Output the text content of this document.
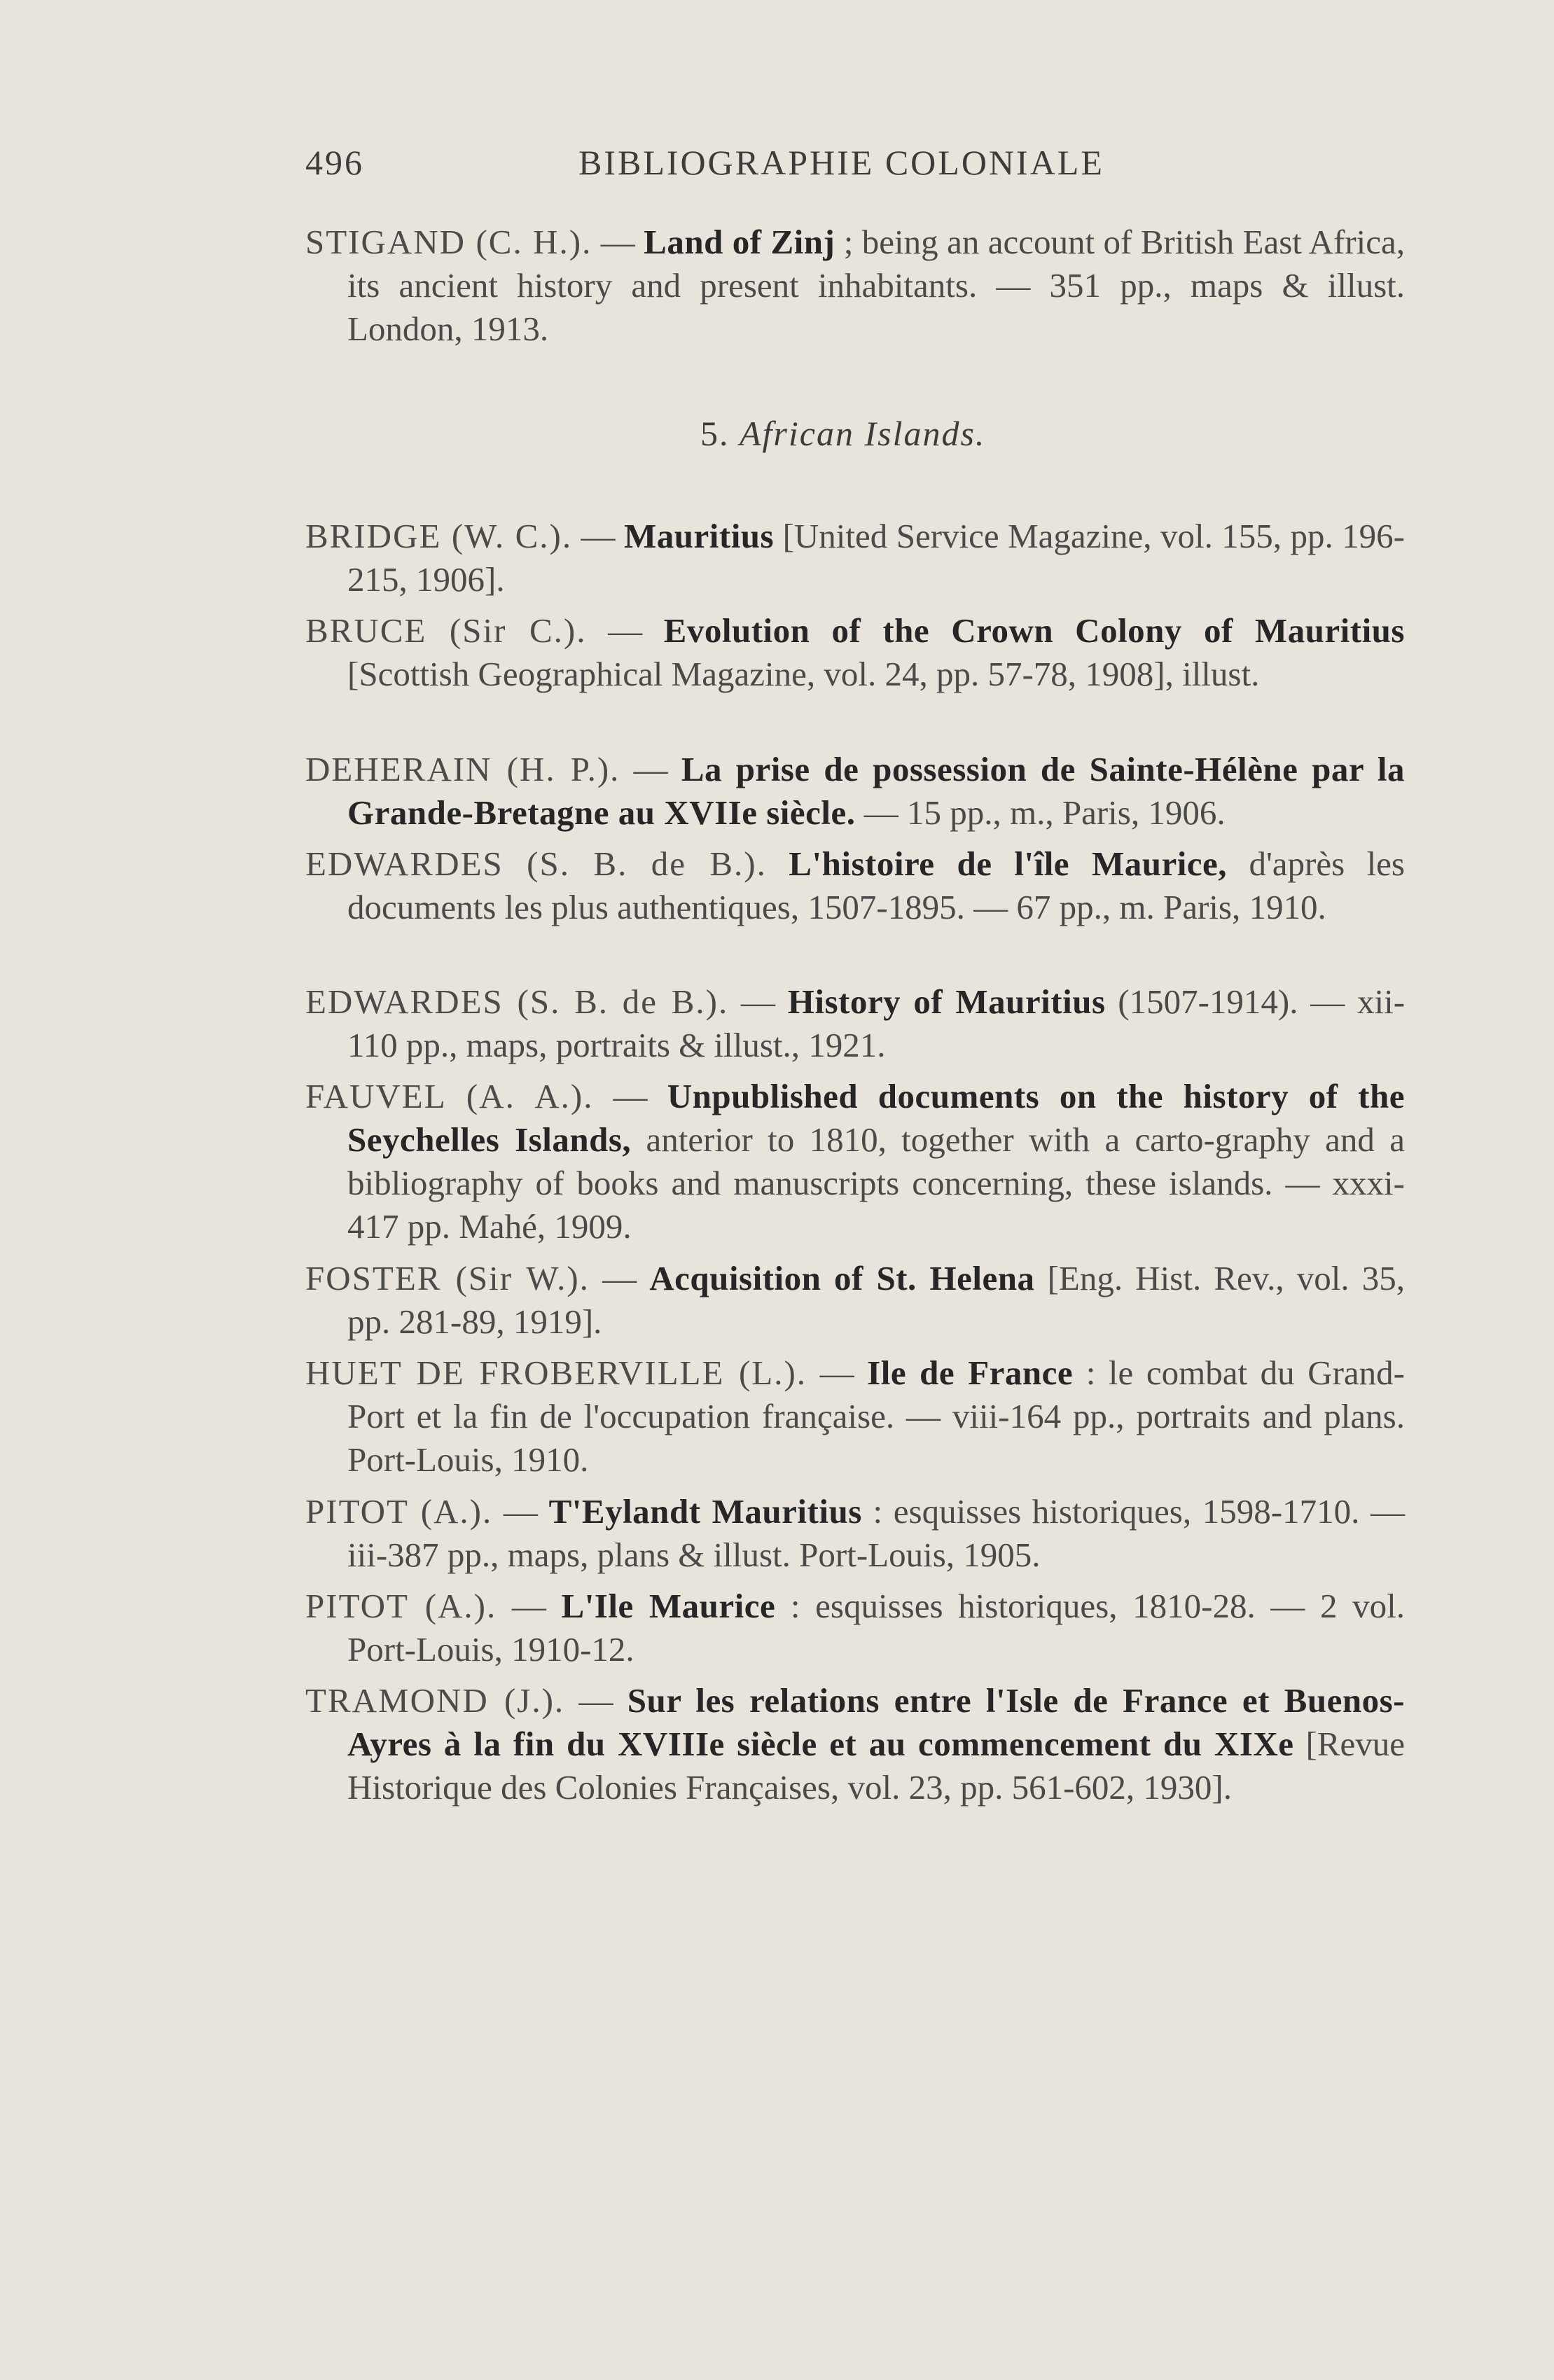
496	BIBLIOGRAPHIE COLONIALE
STIGAND (C. H.). — Land of Zinj ; being an account of British East Africa, its ancient history and present inhabitants. — 351 pp., maps & illust. London, 1913.
5. African Islands.
BRIDGE (W. C.). — Mauritius [United Service Magazine, vol. 155, pp. 196-215, 1906].
BRUCE (Sir C.). — Evolution of the Crown Colony of Mauritius [Scottish Geographical Magazine, vol. 24, pp. 57-78, 1908], illust.
DEHERAIN (H. P.). — La prise de possession de Sainte-Hélène par la Grande-Bretagne au XVIIe siècle. — 15 pp., m., Paris, 1906.
EDWARDES (S. B. de B.). L'histoire de l'île Maurice, d'après les documents les plus authentiques, 1507-1895. — 67 pp., m. Paris, 1910.
EDWARDES (S. B. de B.). — History of Mauritius (1507-1914). — xii-110 pp., maps, portraits & illust., 1921.
FAUVEL (A. A.). — Unpublished documents on the history of the Seychelles Islands, anterior to 1810, together with a carto-graphy and a bibliography of books and manuscripts concerning, these islands. — xxxi-417 pp. Mahé, 1909.
FOSTER (Sir W.). — Acquisition of St. Helena [Eng. Hist. Rev., vol. 35, pp. 281-89, 1919].
HUET DE FROBERVILLE (L.). — Ile de France : le combat du Grand-Port et la fin de l'occupation française. — viii-164 pp., portraits and plans. Port-Louis, 1910.
PITOT (A.). — T'Eylandt Mauritius : esquisses historiques, 1598-1710. — iii-387 pp., maps, plans & illust. Port-Louis, 1905.
PITOT (A.). — L'Ile Maurice : esquisses historiques, 1810-28. — 2 vol. Port-Louis, 1910-12.
TRAMOND (J.). — Sur les relations entre l'Isle de France et Buenos-Ayres à la fin du XVIIIe siècle et au commencement du XIXe [Revue Historique des Colonies Françaises, vol. 23, pp. 561-602, 1930].
